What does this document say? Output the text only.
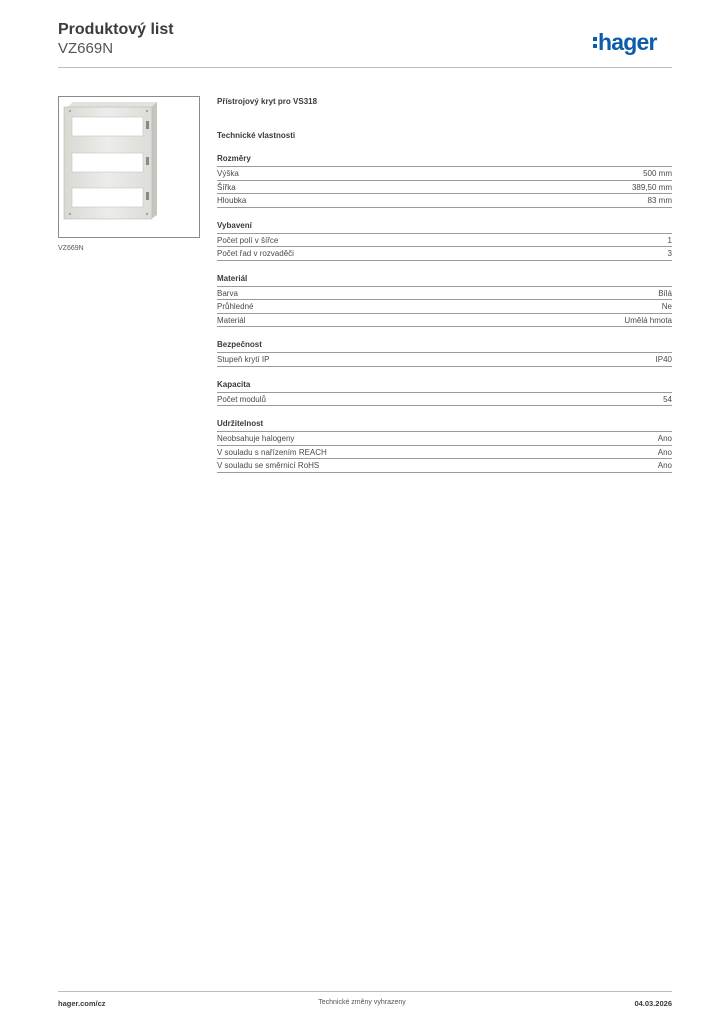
Produktový list
VZ669N	hager
VZ669N
Přístrojový kryt pro VS318
Technické vlastnosti
Rozměry
Výška	500 mm
Šířka	389,50 mm
Hloubka	83 mm
Vybavení
Počet polí v šířce	1
Počet řad v rozvaděči	3
Materiál
Barva	Bílá
Průhledné	Ne
Materiál	Umělá hmota
Bezpečnost
Stupeň krytí IP	IP40
Kapacita
Počet modulů	54
Udržitelnost
Neobsahuje halogeny	Ano
V souladu s nařízením REACH	Ano
V souladu se směrnicí RoHS	Ano
hager.com/cz	Technické změny vyhrazeny	04.03.2026
